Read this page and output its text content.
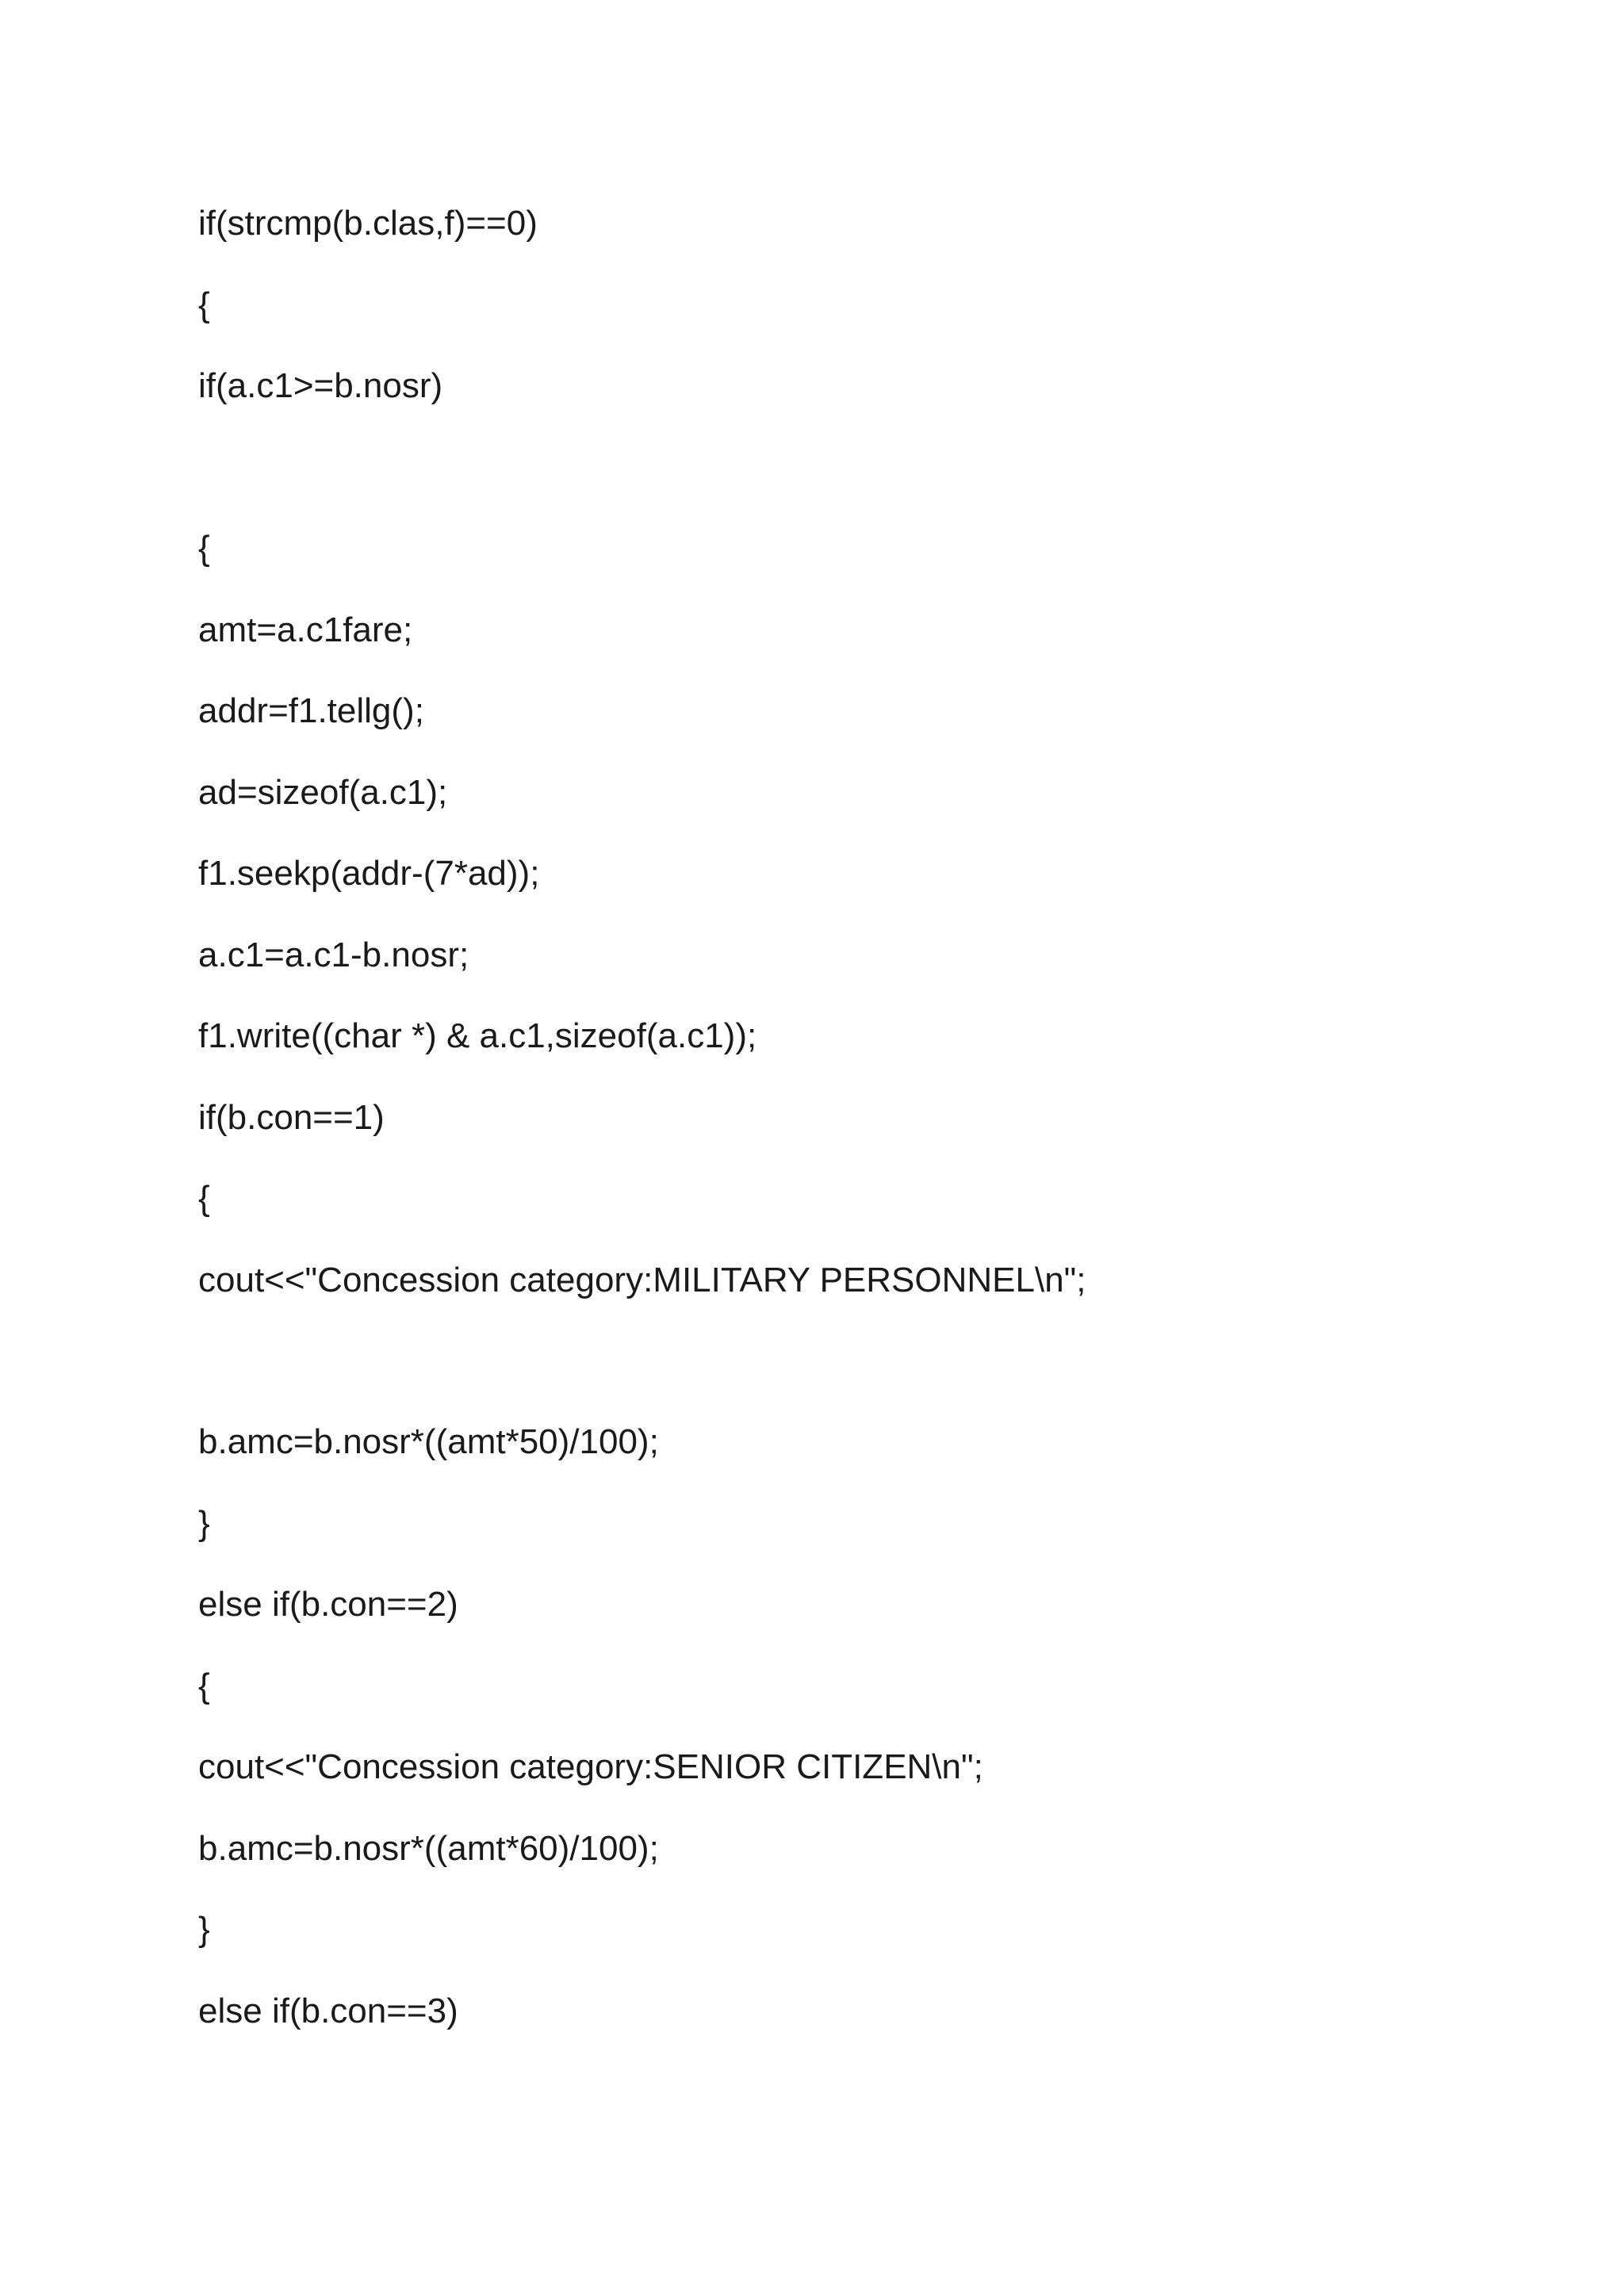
if(strcmp(b.clas,f)==0)
{
if(a.c1>=b.nosr)
{
amt=a.c1fare;
addr=f1.tellg();
ad=sizeof(a.c1);
f1.seekp(addr-(7*ad));
a.c1=a.c1-b.nosr;
f1.write((char *) & a.c1,sizeof(a.c1));
if(b.con==1)
{
cout<<"Concession category:MILITARY PERSONNEL\n";
b.amc=b.nosr*((amt*50)/100);
}
else if(b.con==2)
{
cout<<"Concession category:SENIOR CITIZEN\n";
b.amc=b.nosr*((amt*60)/100);
}
else if(b.con==3)
